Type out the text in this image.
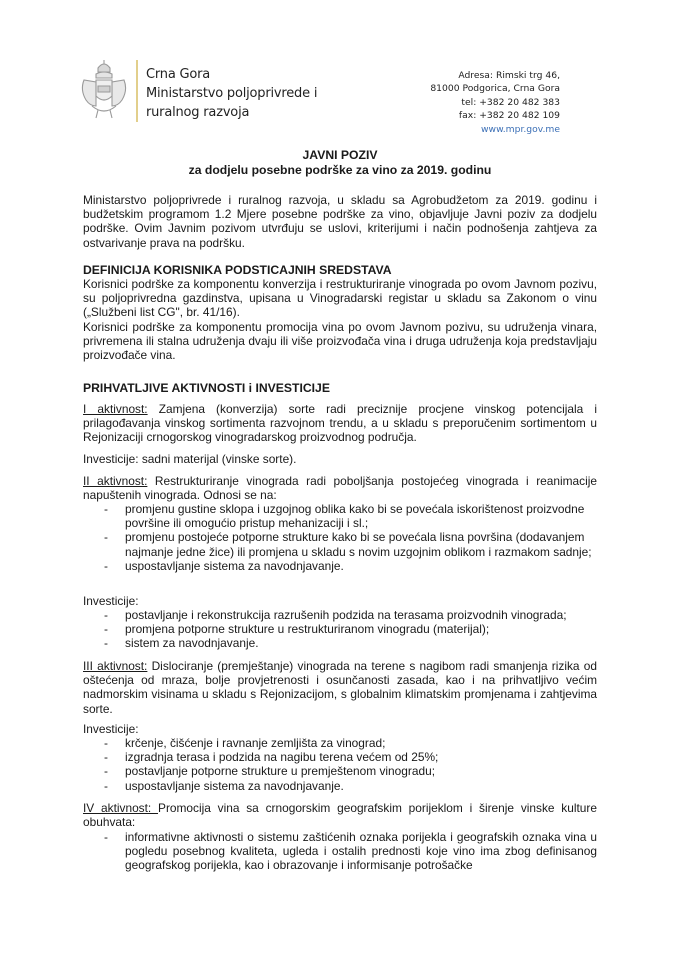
Crna Gora
Ministarstvo poljoprivrede i
ruralnog razvoja
Adresa: Rimski trg 46,
81000 Podgorica, Crna Gora
tel: +382 20 482 383
fax: +382 20 482 109
www.mpr.gov.me
JAVNI POZIV
za dodjelu posebne podrške za vino za 2019. godinu
Ministarstvo poljoprivrede i ruralnog razvoja, u skladu sa Agrobudžetom za 2019. godinu i budžetskim programom 1.2 Mjere posebne podrške za vino, objavljuje Javni poziv za dodjelu podrške. Ovim Javnim pozivom utvrđuju se uslovi, kriterijumi i način podnošenja zahtjeva za ostvarivanje prava na podršku.
DEFINICIJA KORISNIKA PODSTICAJNIH SREDSTAVA
Korisnici podrške za komponentu konverzija i restrukturiranje vinograda po ovom Javnom pozivu, su poljoprivredna gazdinstva, upisana u Vinogradarski registar u skladu sa Zakonom o vinu („Službeni list CG", br. 41/16).
Korisnici podrške za komponentu promocija vina po ovom Javnom pozivu, su udruženja vinara, privremena ili stalna udruženja dvaju ili više proizvođača vina i druga udruženja koja predstavljaju proizvođače vina.
PRIHVATLJIVE AKTIVNOSTI i INVESTICIJE
I aktivnost: Zamjena (konverzija) sorte radi preciznije procjene vinskog potencijala i prilagođavanja vinskog sortimenta razvojnom trendu, a u skladu s preporučenim sortimentom u Rejonizaciji crnogorskog vinogradarskog proizvodnog područja.
Investicije: sadni materijal (vinske sorte).
II aktivnost: Restrukturiranje vinograda radi poboljšanja postojećeg vinograda i reanimacije napuštenih vinograda. Odnosi se na:
- promjenu gustine sklopa i uzgojnog oblika kako bi se povećala iskorištenost proizvodne površine ili omogućio pristup mehanizaciji i sl.;
- promjenu postojeće potporne strukture kako bi se povećala lisna površina (dodavanjem najmanje jedne žice) ili promjena u skladu s novim uzgojnim oblikom i razmakom sadnje;
- uspostavljanje sistema za navodnjavanje.
Investicije:
- postavljanje i rekonstrukcija razrušenih podzida na terasama proizvodnih vinograda;
- promjena potporne strukture u restrukturiranom vinogradu (materijal);
- sistem za navodnjavanje.
III aktivnost: Dislociranje (premještanje) vinograda na terene s nagibom radi smanjenja rizika od oštećenja od mraza, bolje provjetrenosti i osunčanosti zasada, kao i na prihvatljivo većim nadmorskim visinama u skladu s Rejonizacijom, s globalnim klimatskim promjenama i zahtjevima sorte.
Investicije:
- krčenje, čišćenje i ravnanje zemljišta za vinograd;
- izgradnja terasa i podzida na nagibu terena većem od 25%;
- postavljanje potporne strukture u premještenom vinogradu;
- uspostavljanje sistema za navodnjavanje.
IV aktivnost: Promocija vina sa crnogorskim geografskim porijeklom i širenje vinske kulture obuhvata:
- informativne aktivnosti o sistemu zaštićenih oznaka porijekla i geografskih oznaka vina u pogledu posebnog kvaliteta, ugleda i ostalih prednosti koje vino ima zbog definisanog geografskog porijekla, kao i obrazovanje i informisanje potrošačke
